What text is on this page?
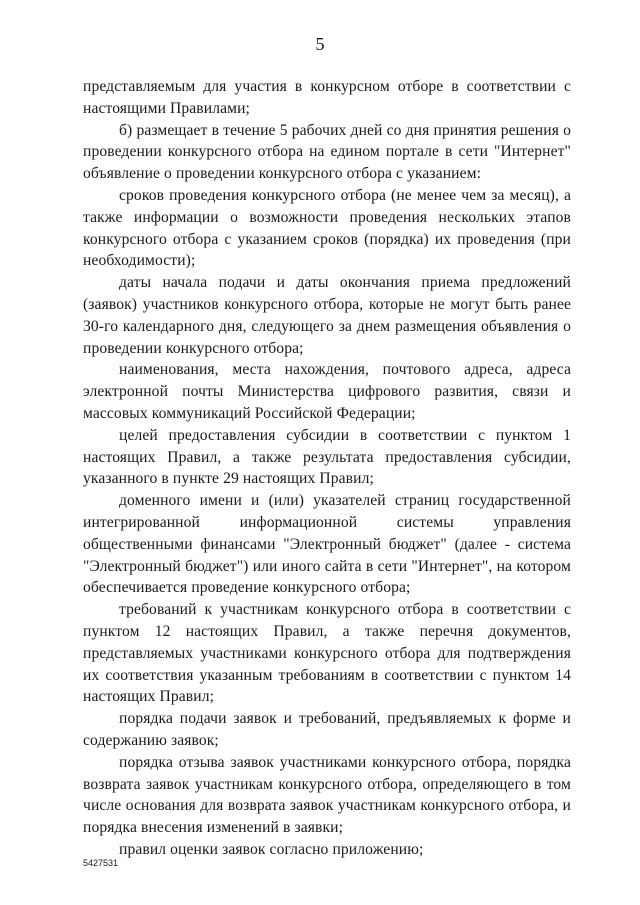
5

представляемым для участия в конкурсном отборе в соответствии с настоящими Правилами;

б) размещает в течение 5 рабочих дней со дня принятия решения о проведении конкурсного отбора на едином портале в сети "Интернет" объявление о проведении конкурсного отбора с указанием:

сроков проведения конкурсного отбора (не менее чем за месяц), а также информации о возможности проведения нескольких этапов конкурсного отбора с указанием сроков (порядка) их проведения (при необходимости);

даты начала подачи и даты окончания приема предложений (заявок) участников конкурсного отбора, которые не могут быть ранее 30-го календарного дня, следующего за днем размещения объявления о проведении конкурсного отбора;

наименования, места нахождения, почтового адреса, адреса электронной почты Министерства цифрового развития, связи и массовых коммуникаций Российской Федерации;

целей предоставления субсидии в соответствии с пунктом 1 настоящих Правил, а также результата предоставления субсидии, указанного в пункте 29 настоящих Правил;

доменного имени и (или) указателей страниц государственной интегрированной информационной системы управления общественными финансами "Электронный бюджет" (далее - система "Электронный бюджет") или иного сайта в сети "Интернет", на котором обеспечивается проведение конкурсного отбора;

требований к участникам конкурсного отбора в соответствии с пунктом 12 настоящих Правил, а также перечня документов, представляемых участниками конкурсного отбора для подтверждения их соответствия указанным требованиям в соответствии с пунктом 14 настоящих Правил;

порядка подачи заявок и требований, предъявляемых к форме и содержанию заявок;

порядка отзыва заявок участниками конкурсного отбора, порядка возврата заявок участникам конкурсного отбора, определяющего в том числе основания для возврата заявок участникам конкурсного отбора, и порядка внесения изменений в заявки;

правил оценки заявок согласно приложению;

5427531
